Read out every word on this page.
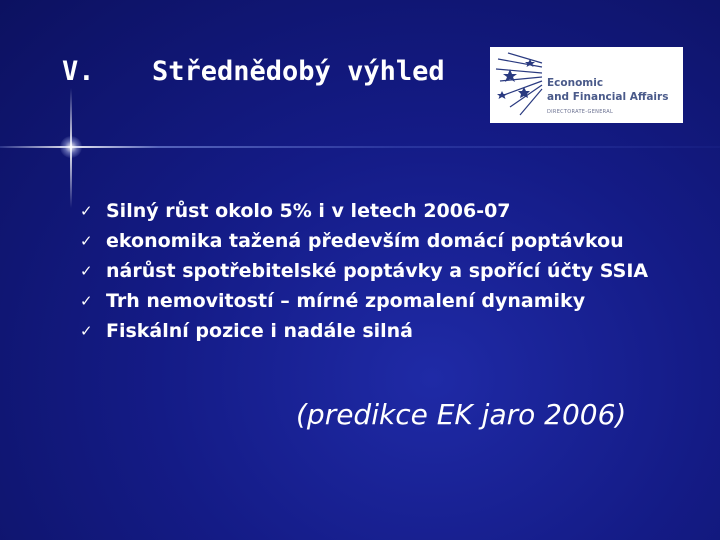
V. Střednědobý výhled	Economic
and Financial Affairs
DIRECTORATE-GENERAL
✓ Silný růst okolo 5% i v letech 2006-07
✓ ekonomika tažená především domácí poptávkou
✓ nárůst spotřebitelské poptávky a spořící účty SSIA
✓ Trh nemovitostí – mírné zpomalení dynamiky
✓ Fiskální pozice i nadále silná
(predikce EK jaro 2006)
